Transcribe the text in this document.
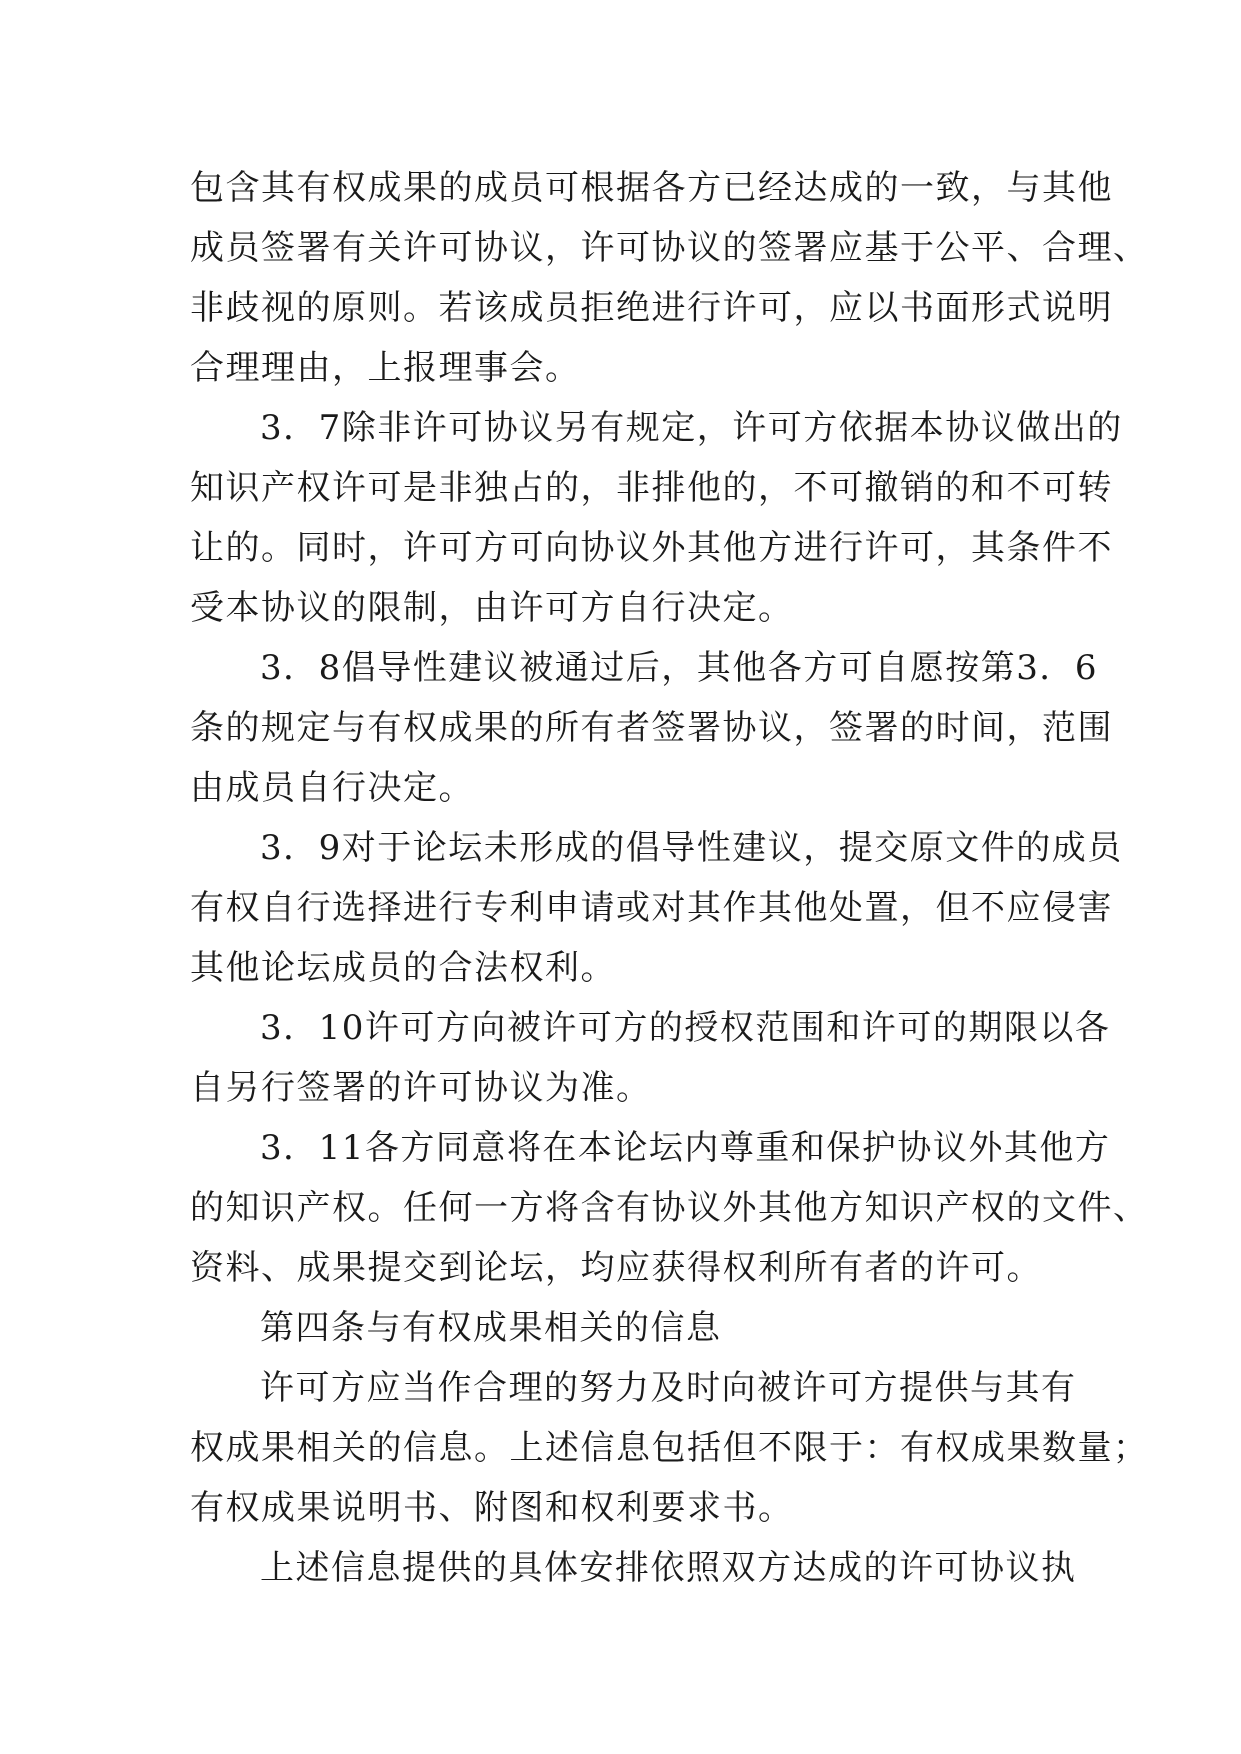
包含其有权成果的成员可根据各方已经达成的一致，与其他
成员签署有关许可协议，许可协议的签署应基于公平、合理、
非歧视的原则。若该成员拒绝进行许可，应以书面形式说明
合理理由，上报理事会。
3．7除非许可协议另有规定，许可方依据本协议做出的
知识产权许可是非独占的，非排他的，不可撤销的和不可转
让的。同时，许可方可向协议外其他方进行许可，其条件不
受本协议的限制，由许可方自行决定。
3．8倡导性建议被通过后，其他各方可自愿按第3．6
条的规定与有权成果的所有者签署协议，签署的时间，范围
由成员自行决定。
3．9对于论坛未形成的倡导性建议，提交原文件的成员
有权自行选择进行专利申请或对其作其他处置，但不应侵害
其他论坛成员的合法权利。
3．10许可方向被许可方的授权范围和许可的期限以各
自另行签署的许可协议为准。
3．11各方同意将在本论坛内尊重和保护协议外其他方
的知识产权。任何一方将含有协议外其他方知识产权的文件、
资料、成果提交到论坛，均应获得权利所有者的许可。
第四条与有权成果相关的信息
许可方应当作合理的努力及时向被许可方提供与其有
权成果相关的信息。上述信息包括但不限于：有权成果数量；
有权成果说明书、附图和权利要求书。
上述信息提供的具体安排依照双方达成的许可协议执
